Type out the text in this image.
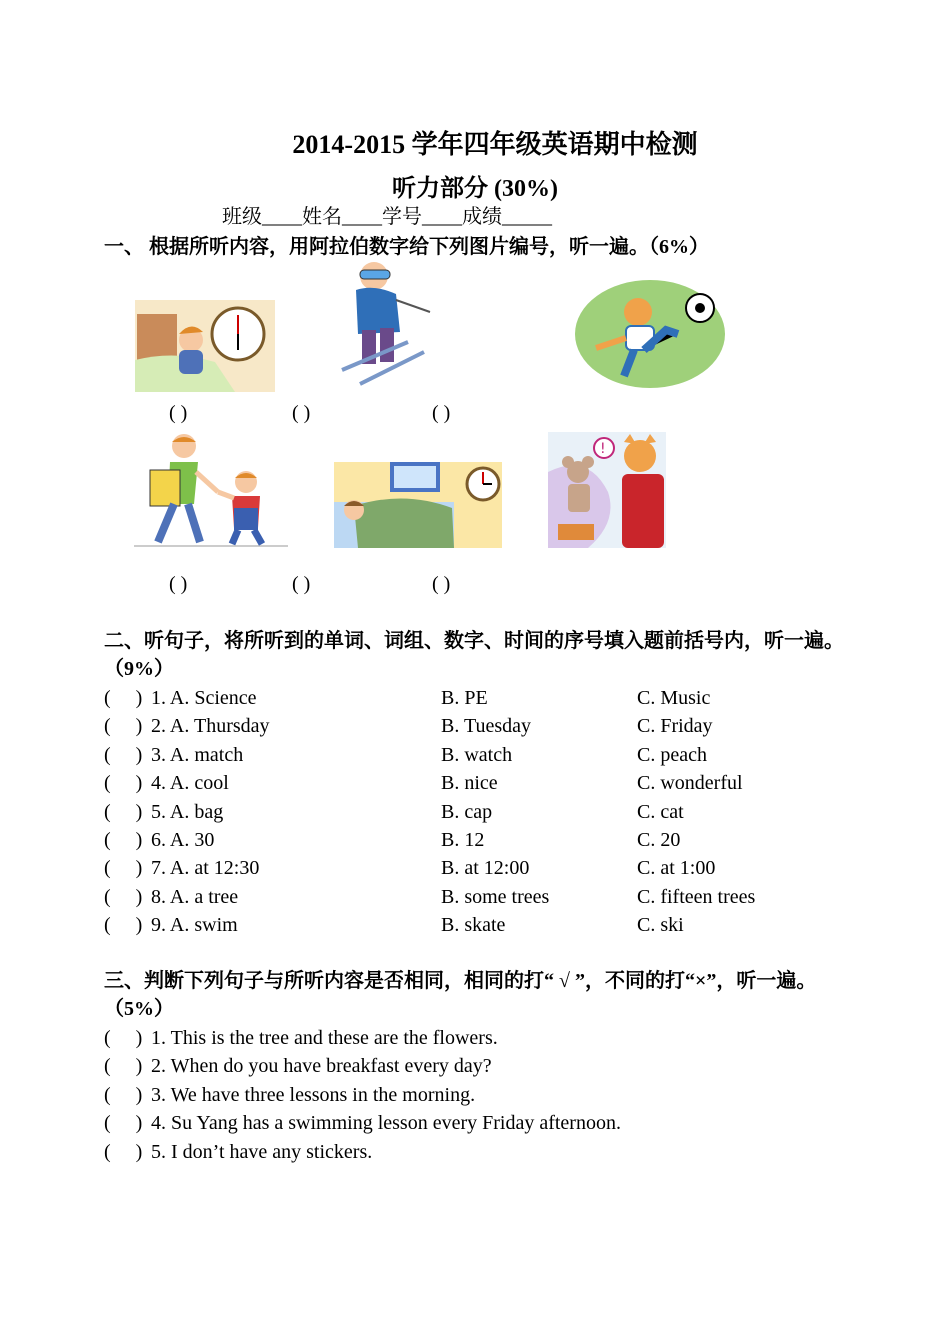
2014-2015 学年四年级英语期中检测
听力部分 (30%)
班级____姓名____学号____成绩_____
一、 根据所听内容，用阿拉伯数字给下列图片编号，听一遍。（6%）
( )	( )	( )
!
( )	( )	( )
二、听句子，将所听到的单词、词组、数字、时间的序号填入题前括号内，听一遍。（9%）
(     ) 1. A. Science	B. PE	C. Music
(     ) 2. A. Thursday	B. Tuesday	C. Friday
(     ) 3. A. match	B. watch	C. peach
(     ) 4. A. cool	B. nice	C. wonderful
(     ) 5. A. bag	B. cap	C. cat
(     ) 6. A. 30	B. 12	C. 20
(     ) 7. A. at 12:30	B. at 12:00	C. at 1:00
(     ) 8. A. a tree	B. some trees	C. fifteen trees
(     ) 9. A. swim	B. skate	C. ski
三、判断下列句子与所听内容是否相同，相同的打“ √ ”，不同的打“×”，听一遍。（5%）
(     ) 1. This is the tree and these are the flowers.
(     ) 2. When do you have breakfast every day?
(     ) 3. We have three lessons in the morning.
(     ) 4. Su Yang has a swimming lesson every Friday afternoon.
(     ) 5. I don’t have any stickers.
